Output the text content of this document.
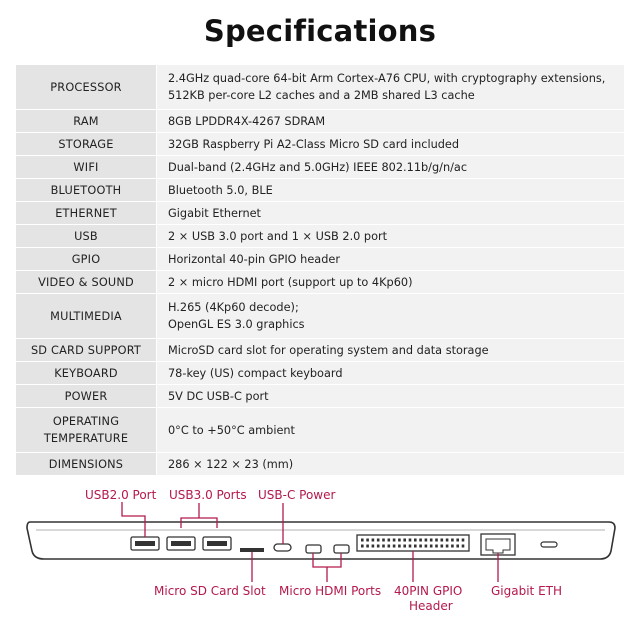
Specifications
PROCESSOR	2.4GHz quad-core 64-bit Arm Cortex-A76 CPU, with cryptography extensions,
512KB per-core L2 caches and a 2MB shared L3 cache

RAM	8GB LPDDR4X-4267 SDRAM

STORAGE	32GB Raspberry Pi A2-Class Micro SD card included

WIFI	Dual-band (2.4GHz and 5.0GHz) IEEE 802.11b/g/n/ac

BLUETOOTH	Bluetooth 5.0, BLE

ETHERNET	Gigabit Ethernet

USB	2 × USB 3.0 port and 1 × USB 2.0 port

GPIO	Horizontal 40-pin GPIO header

VIDEO & SOUND	2 × micro HDMI port (support up to 4Kp60)

MULTIMEDIA	H.265 (4Kp60 decode);
OpenGL ES 3.0 graphics

SD CARD SUPPORT	MicroSD card slot for operating system and data storage

KEYBOARD	78-key (US) compact keyboard

POWER	5V DC USB-C port

OPERATING
TEMPERATURE	0°C to +50°C ambient

DIMENSIONS	286 × 122 × 23 (mm)
USB2.0 Port USB3.0 Ports USB-C Power
Micro SD Card Slot Micro HDMI Ports 40PIN GPIO
Header
Gigabit ETH
